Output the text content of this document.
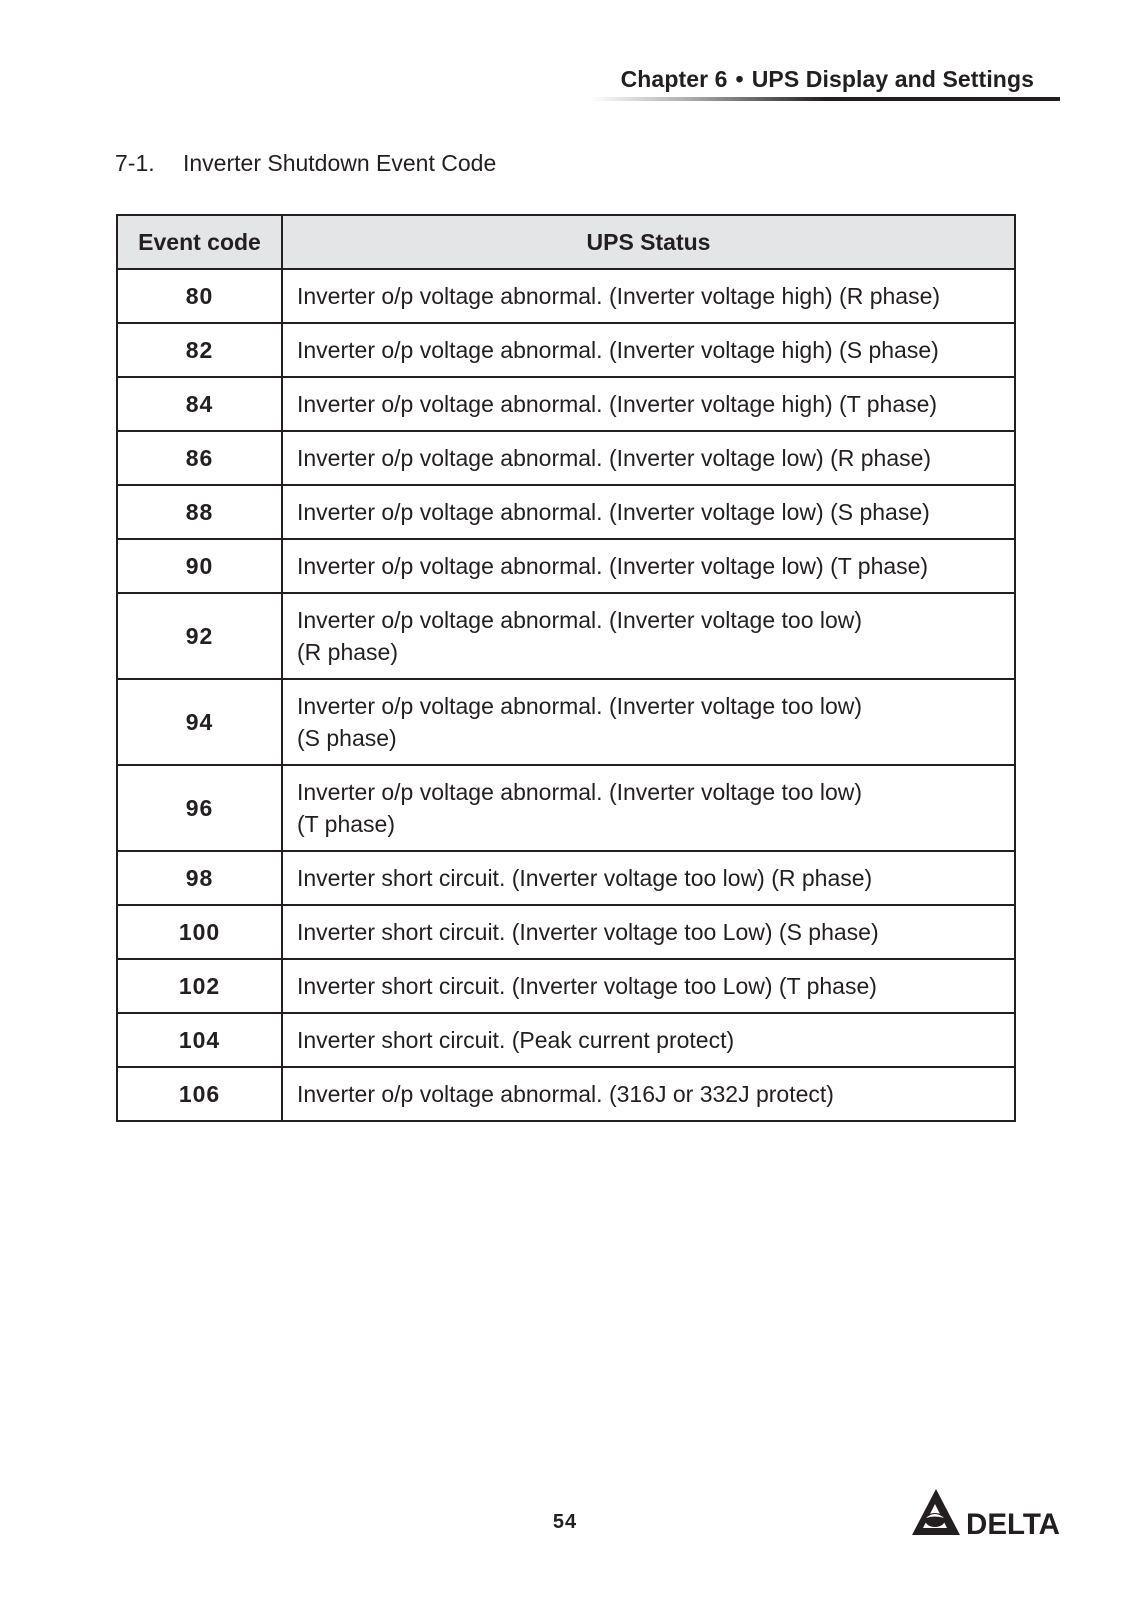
Chapter 6 • UPS Display and Settings
7-1. Inverter Shutdown Event Code
Event code	UPS Status
80	Inverter o/p voltage abnormal. (Inverter voltage high) (R phase)

82	Inverter o/p voltage abnormal. (Inverter voltage high) (S phase)

84	Inverter o/p voltage abnormal. (Inverter voltage high) (T phase)

86	Inverter o/p voltage abnormal. (Inverter voltage low) (R phase)

88	Inverter o/p voltage abnormal. (Inverter voltage low) (S phase)

90	Inverter o/p voltage abnormal. (Inverter voltage low) (T phase)

92	Inverter o/p voltage abnormal. (Inverter voltage too low)
(R phase)

94	Inverter o/p voltage abnormal. (Inverter voltage too low)
(S phase)

96	Inverter o/p voltage abnormal. (Inverter voltage too low)
(T phase)

98	Inverter short circuit. (Inverter voltage too low) (R phase)

100	Inverter short circuit. (Inverter voltage too Low) (S phase)

102	Inverter short circuit. (Inverter voltage too Low) (T phase)

104	Inverter short circuit. (Peak current protect)

106	Inverter o/p voltage abnormal. (316J or 332J protect)
54	DELTA
